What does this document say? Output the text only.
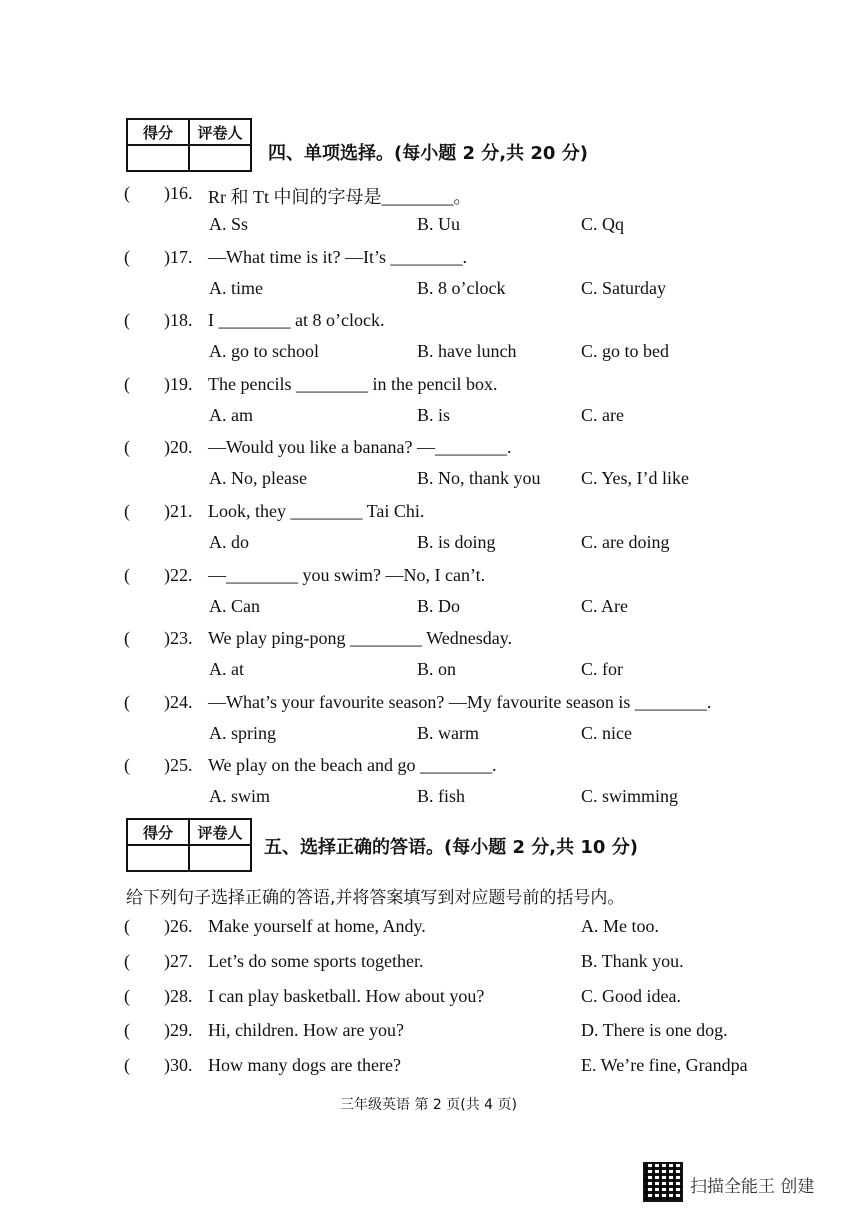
得分	评卷人

四、单项选择。(每小题 2 分,共 20 分)
( )16. Rr 和 Tt 中间的字母是________。
A. Ss	B. Uu	C. Qq
( )17. —What time is it? —It’s ________.
A. time	B. 8 o’clock	C. Saturday
( )18. I ________ at 8 o’clock.
A. go to school	B. have lunch	C. go to bed
( )19. The pencils ________ in the pencil box.
A. am	B. is	C. are
( )20. —Would you like a banana? —________.
A. No, please	B. No, thank you C. Yes, I’d like
( )21. Look, they ________ Tai Chi.
A. do	B. is doing	C. are doing
( )22. —________ you swim? —No, I can’t.
A. Can	B. Do	C. Are
( )23. We play ping-pong ________ Wednesday.
A. at	B. on	C. for
( )24. —What’s your favourite season? —My favourite season is ________.
A. spring	B. warm	C. nice
( )25. We play on the beach and go ________.
A. swim	B. fish	C. swimming
得分	评卷人

五、选择正确的答语。(每小题 2 分,共 10 分)
给下列句子选择正确的答语,并将答案填写到对应题号前的括号内。
( )26. Make yourself at home, Andy.	A. Me too.
( )27. Let’s do some sports together.	B. Thank you.
( )28. I can play basketball. How about you?	C. Good idea.
( )29. Hi, children. How are you?	D. There is one dog.
( )30. How many dogs are there?	E. We’re fine, Grandpa
三年级英语 第 2 页(共 4 页)
扫描全能王 创建
